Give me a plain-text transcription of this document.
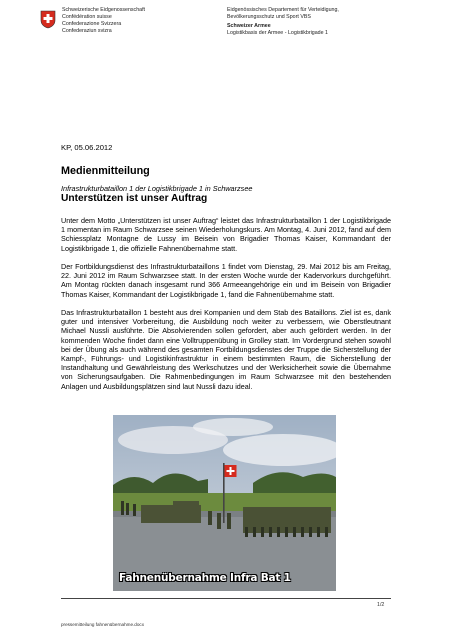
Schweizerische Eidgenossenschaft
Confédération suisse
Confederazione Svizzera
Confederaziun svizra
Eidgenössisches Departement für Verteidigung,
Bevölkerungsschutz und Sport VBS
Schweizer Armee
Logistikbasis der Armee - Logistikbrigade 1
KP, 05.06.2012
Medienmitteilung
Infrastrukturbataillon 1 der Logistikbrigade 1 in Schwarzsee
Unterstützen ist unser Auftrag
Unter dem Motto „Unterstützen ist unser Auftrag“ leistet das Infrastrukturbataillon 1 der Logistikbrigade 1 momentan im Raum Schwarzsee seinen Wiederholungskurs. Am Montag, 4. Juni 2012, fand auf dem Schiessplatz Montagne de Lussy im Beisein von Brigadier Thomas Kaiser, Kommandant der Logistikbrigade 1, die offizielle Fahnenübernahme statt.
Der Fortbildungsdienst des Infrastrukturbataillons 1 findet vom Dienstag, 29. Mai 2012 bis am Freitag, 22. Juni 2012 im Raum Schwarzsee statt. In der ersten Woche wurde der Kadervorkurs durchgeführt. Am Montag rückten danach insgesamt rund 366 Armeeangehörige ein und im Beisein von Brigadier Thomas Kaiser, Kommandant der Logistikbrigade 1, fand die Fahnenübernahme statt.
Das Infrastrukturbataillon 1 besteht aus drei Kompanien und dem Stab des Bataillons. Ziel ist es, dank guter und intensiver Vorbereitung, die Ausbildung noch weiter zu verbessern, wie Oberstleutnant Michael Nussli ausführte. Die Absolvierenden sollen gefordert, aber auch gefördert werden. In der kommenden Woche findet dann eine Volltruppenübung in Grolley statt. Im Vordergrund stehen sowohl bei der Übung als auch während des gesamten Fortbildungsdienstes der Truppe die Sicherstellung der Kampf-, Führungs- und Logistikinfrastruktur in einem bestimmten Raum, die Sicherstellung der Instandhaltung und Gewährleistung des Werkschutzes und der Werksicherheit sowie die Übernahme von Sicherungsaufgaben. Die Rahmenbedingungen im Raum Schwarzsee mit den bestehenden Anlagen und Ausbildungsplätzen sind laut Nussli dazu ideal.
Fahnenübernahme Infra Bat 1
1/2
pressemitteilung fahnenübernahme.docx
